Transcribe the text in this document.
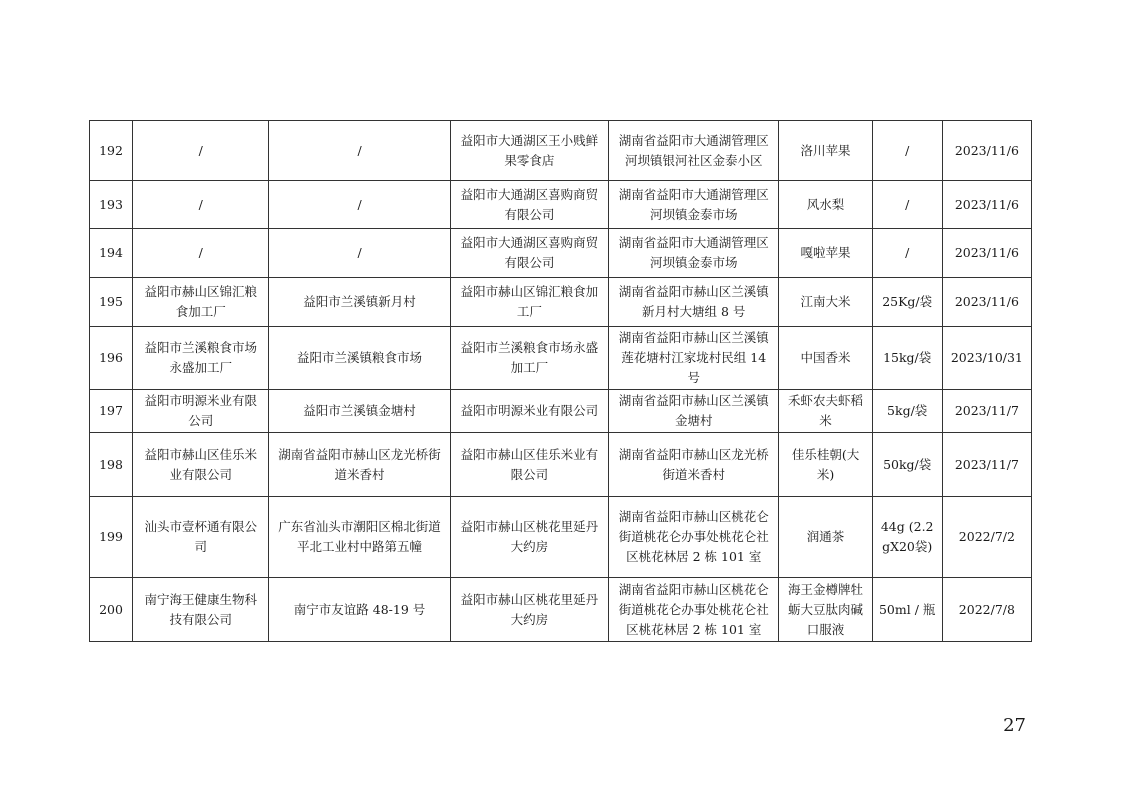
192	/	/	益阳市大通湖区王小贱鲜果零食店	湖南省益阳市大通湖管理区河坝镇银河社区金泰小区	洛川苹果	/	2023/11/6
193	/	/	益阳市大通湖区喜购商贸有限公司	湖南省益阳市大通湖管理区河坝镇金泰市场	风水梨	/	2023/11/6
194	/	/	益阳市大通湖区喜购商贸有限公司	湖南省益阳市大通湖管理区河坝镇金泰市场	嘎啦苹果	/	2023/11/6
195	益阳市赫山区锦汇粮食加工厂	益阳市兰溪镇新月村	益阳市赫山区锦汇粮食加工厂	湖南省益阳市赫山区兰溪镇新月村大塘组 8 号	江南大米	25Kg/袋	2023/11/6
196	益阳市兰溪粮食市场永盛加工厂	益阳市兰溪镇粮食市场	益阳市兰溪粮食市场永盛加工厂	湖南省益阳市赫山区兰溪镇莲花塘村江家垅村民组 14 号	中国香米	15kg/袋	2023/10/31
197	益阳市明源米业有限公司	益阳市兰溪镇金塘村	益阳市明源米业有限公司	湖南省益阳市赫山区兰溪镇金塘村	禾虾农夫虾稻米	5kg/袋	2023/11/7
198	益阳市赫山区佳乐米业有限公司	湖南省益阳市赫山区龙光桥街道米香村	益阳市赫山区佳乐米业有限公司	湖南省益阳市赫山区龙光桥街道米香村	佳乐桂朝(大米)	50kg/袋	2023/11/7
199	汕头市壹杯通有限公司	广东省汕头市潮阳区棉北街道平北工业村中路第五幢	益阳市赫山区桃花里延丹大约房	湖南省益阳市赫山区桃花仑街道桃花仑办事处桃花仑社区桃花林居 2 栋 101 室	润通茶	44g (2.2gX20袋)	2022/7/2
200	南宁海王健康生物科技有限公司	南宁市友谊路 48-19 号	益阳市赫山区桃花里延丹大约房	湖南省益阳市赫山区桃花仑街道桃花仑办事处桃花仑社区桃花林居 2 栋 101 室	海王金樽牌牡蛎大豆肽肉碱口服液	50ml / 瓶	2022/7/8
27
